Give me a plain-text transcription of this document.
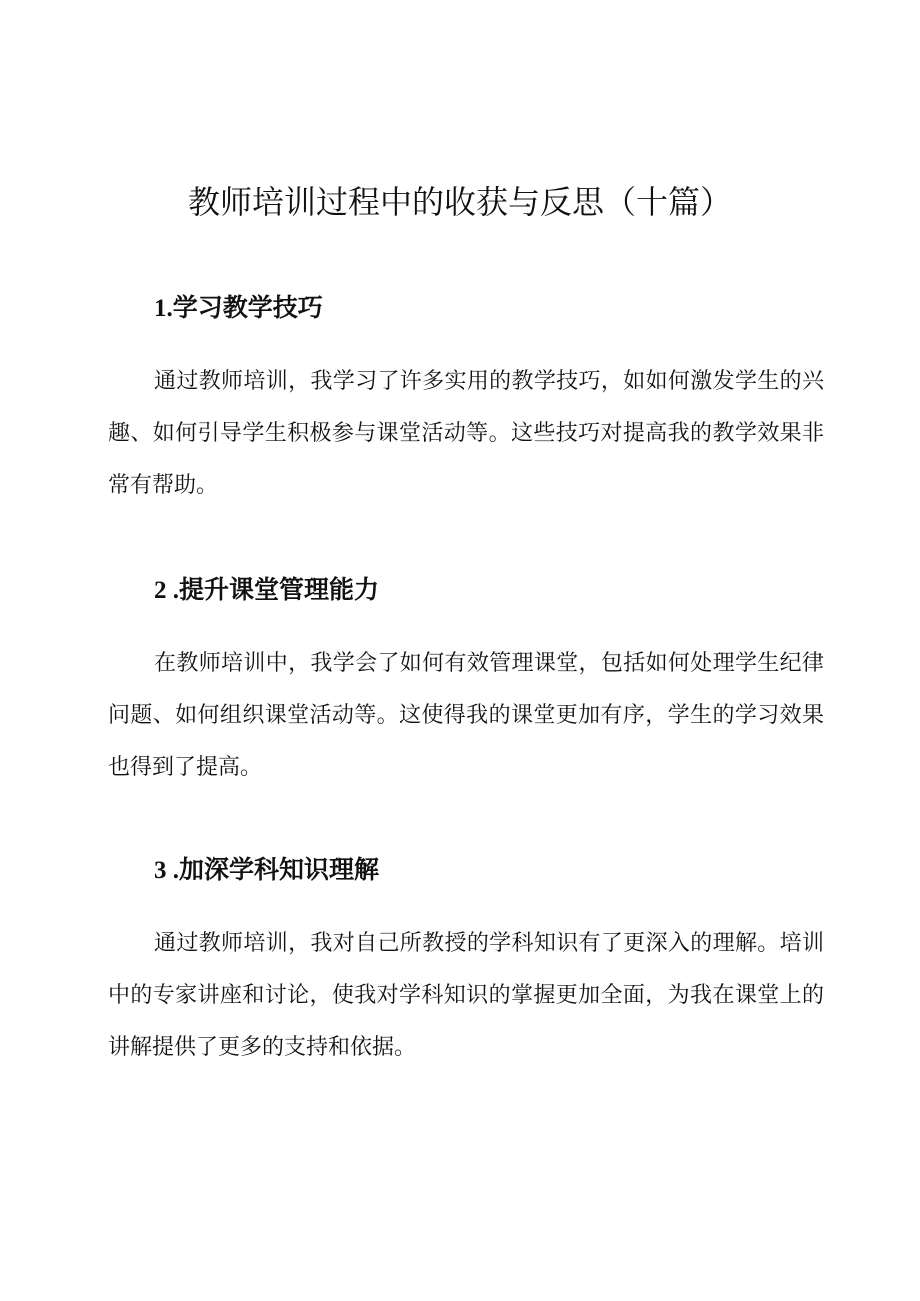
教师培训过程中的收获与反思（十篇）
1.学习教学技巧

通过教师培训，我学习了许多实用的教学技巧，如如何激发学生的兴趣、如何引导学生积极参与课堂活动等。这些技巧对提高我的教学效果非常有帮助。

2 .提升课堂管理能力

在教师培训中，我学会了如何有效管理课堂，包括如何处理学生纪律问题、如何组织课堂活动等。这使得我的课堂更加有序，学生的学习效果也得到了提高。

3 .加深学科知识理解

通过教师培训，我对自己所教授的学科知识有了更深入的理解。培训中的专家讲座和讨论，使我对学科知识的掌握更加全面，为我在课堂上的讲解提供了更多的支持和依据。
